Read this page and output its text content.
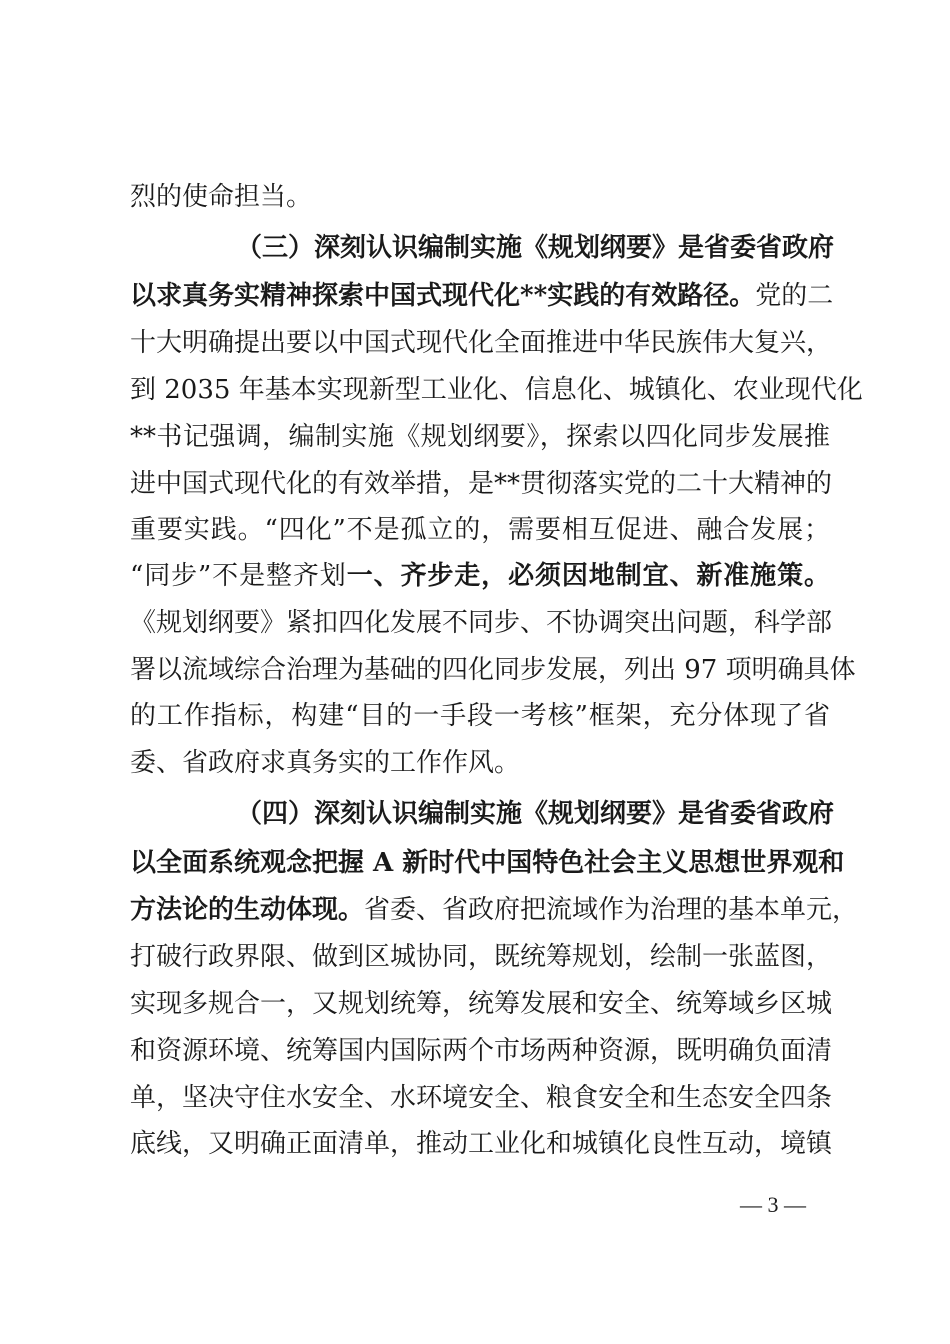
烈的使命担当。
（三）深刻认识编制实施《规划纲要》是省委省政府
以求真务实精神探索中国式现代化**实践的有效路径。党的二
十大明确提出要以中国式现代化全面推进中华民族伟大复兴，
到 2035 年基本实现新型工业化、信息化、城镇化、农业现代化
**书记强调，编制实施《规划纲要》，探索以四化同步发展推
进中国式现代化的有效举措，是**贯彻落实党的二十大精神的
重要实践。“四化”不是孤立的，需要相互促进、融合发展；
“同步”不是整齐划一、齐步走，必须因地制宜、新准施策。
《规划纲要》紧扣四化发展不同步、不协调突出问题，科学部
署以流域综合治理为基础的四化同步发展，列出 97 项明确具体
的工作指标，构建“目的一手段一考核”框架，充分体现了省
委、省政府求真务实的工作作风。
（四）深刻认识编制实施《规划纲要》是省委省政府
以全面系统观念把握 A 新时代中国特色社会主义思想世界观和
方法论的生动体现。省委、省政府把流域作为治理的基本单元，
打破行政界限、做到区城协同，既统筹规划，绘制一张蓝图，
实现多规合一，又规划统筹，统筹发展和安全、统筹域乡区城
和资源环境、统筹国内国际两个市场两种资源，既明确负面清
单，坚决守住水安全、水环境安全、粮食安全和生态安全四条
底线，又明确正面清单，推动工业化和城镇化良性互动，境镇
— 3 —
